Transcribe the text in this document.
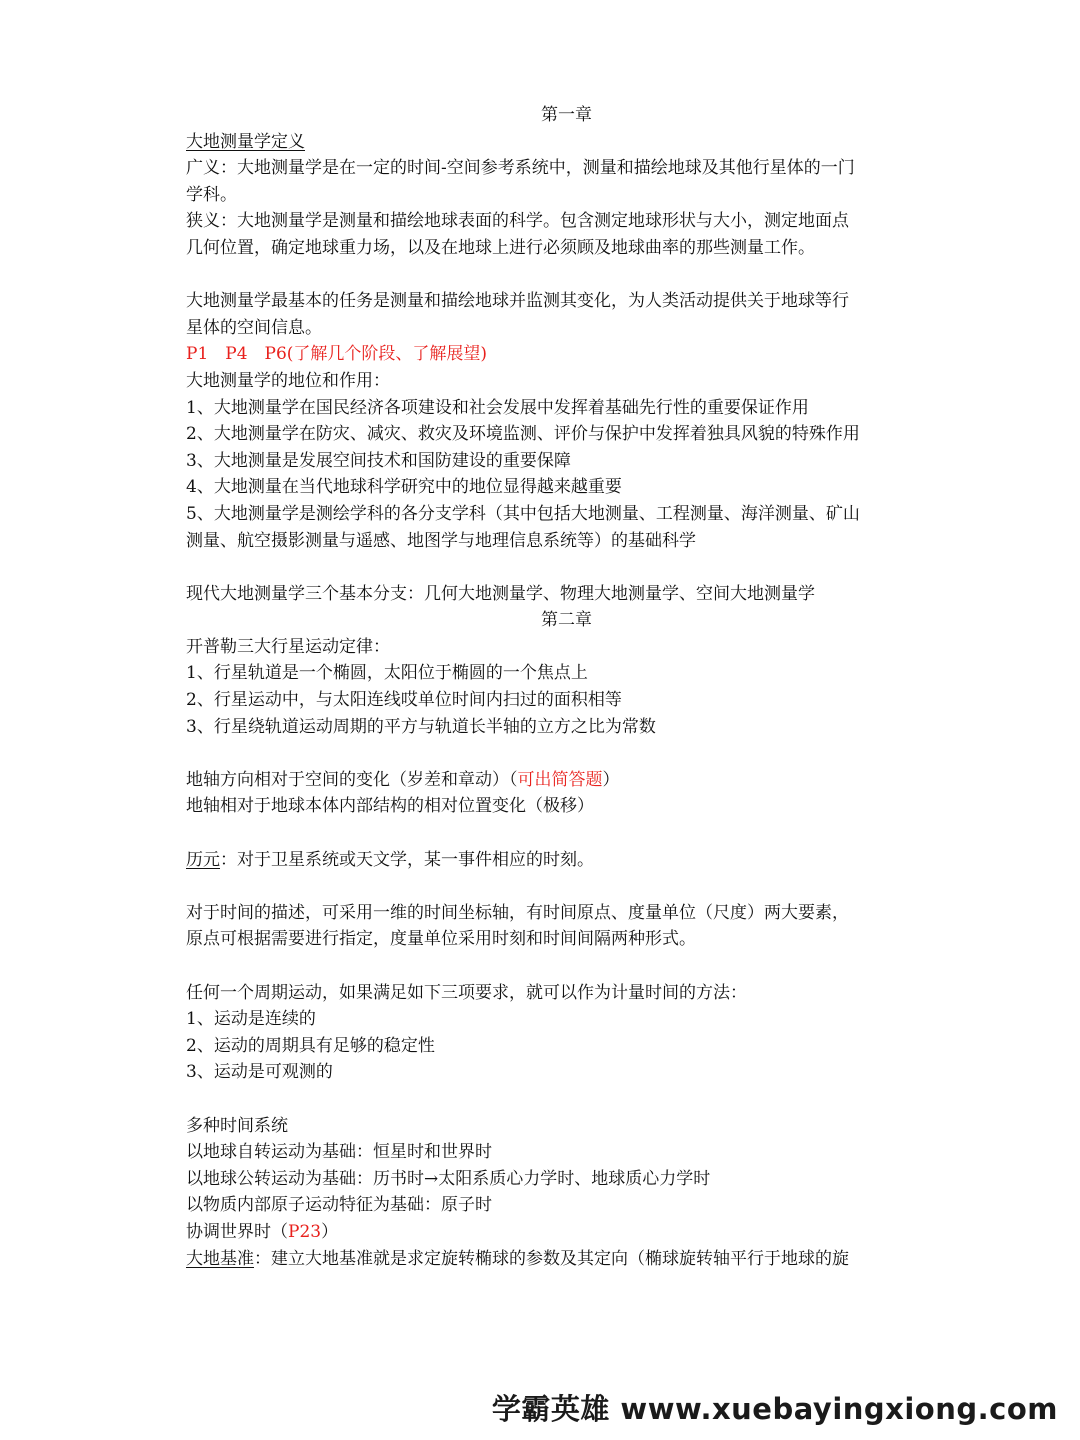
第一章
大地测量学定义
广义：大地测量学是在一定的时间-空间参考系统中，测量和描绘地球及其他行星体的一门
学科。
狭义：大地测量学是测量和描绘地球表面的科学。包含测定地球形状与大小，测定地面点
几何位置，确定地球重力场，以及在地球上进行必须顾及地球曲率的那些测量工作。
大地测量学最基本的任务是测量和描绘地球并监测其变化，为人类活动提供关于地球等行
星体的空间信息。
P1　P4　P6(了解几个阶段、了解展望)
大地测量学的地位和作用：
1、大地测量学在国民经济各项建设和社会发展中发挥着基础先行性的重要保证作用
2、大地测量学在防灾、减灾、救灾及环境监测、评价与保护中发挥着独具风貌的特殊作用
3、大地测量是发展空间技术和国防建设的重要保障
4、大地测量在当代地球科学研究中的地位显得越来越重要
5、大地测量学是测绘学科的各分支学科（其中包括大地测量、工程测量、海洋测量、矿山
测量、航空摄影测量与遥感、地图学与地理信息系统等）的基础科学
现代大地测量学三个基本分支：几何大地测量学、物理大地测量学、空间大地测量学
第二章
开普勒三大行星运动定律：
1、行星轨道是一个椭圆，太阳位于椭圆的一个焦点上
2、行星运动中，与太阳连线哎单位时间内扫过的面积相等
3、行星绕轨道运动周期的平方与轨道长半轴的立方之比为常数
地轴方向相对于空间的变化（岁差和章动）（可出简答题）
地轴相对于地球本体内部结构的相对位置变化（极移）
历元：对于卫星系统或天文学，某一事件相应的时刻。
对于时间的描述，可采用一维的时间坐标轴，有时间原点、度量单位（尺度）两大要素，
原点可根据需要进行指定，度量单位采用时刻和时间间隔两种形式。
任何一个周期运动，如果满足如下三项要求，就可以作为计量时间的方法：
1、运动是连续的
2、运动的周期具有足够的稳定性
3、运动是可观测的
多种时间系统
以地球自转运动为基础：恒星时和世界时
以地球公转运动为基础：历书时→太阳系质心力学时、地球质心力学时
以物质内部原子运动特征为基础：原子时
协调世界时（P23）
大地基准：建立大地基准就是求定旋转椭球的参数及其定向（椭球旋转轴平行于地球的旋
学霸英雄 www.xuebayingxiong.com
